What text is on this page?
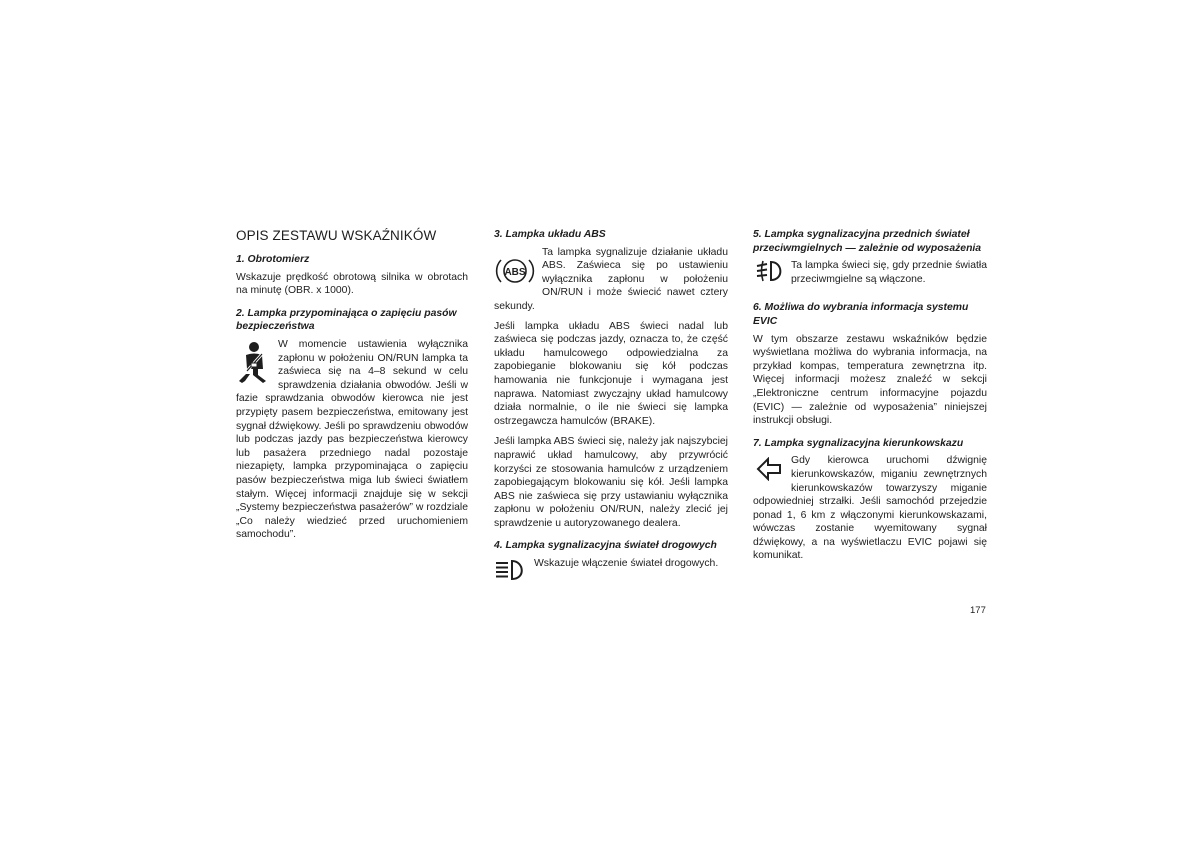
OPIS ZESTAWU WSKAŹNIKÓW
1. Obrotomierz

Wskazuje prędkość obrotową silnika w obrotach na minutę (OBR. x 1000).

2. Lampka przypominająca o zapięciu pasów bezpieczeństwa

W momencie ustawienia wyłącznika zapłonu w położeniu ON/RUN lampka ta zaświeca się na 4–8 sekund w celu sprawdzenia działania obwodów. Jeśli w fazie sprawdzania obwodów kierowca nie jest przypięty pasem bezpieczeństwa, emitowany jest sygnał dźwiękowy. Jeśli po sprawdzeniu obwodów lub podczas jazdy pas bezpieczeństwa kierowcy lub pasażera przedniego nadal pozostaje niezapięty, lampka przypominająca o zapięciu pasów bezpieczeństwa miga lub świeci światłem stałym. Więcej informacji znajduje się w sekcji „Systemy bezpieczeństwa pasażerów” w rozdziale „Co należy wiedzieć przed uruchomieniem samochodu”.

3. Lampka układu ABS
ABS

Ta lampka sygnalizuje działanie układu ABS. Zaświeca się po ustawieniu wyłącznika zapłonu w położeniu ON/RUN i może świecić nawet cztery sekundy.

Jeśli lampka układu ABS świeci nadal lub zaświeca się podczas jazdy, oznacza to, że część układu hamulcowego odpowiedzialna za zapobieganie blokowaniu się kół podczas hamowania nie funkcjonuje i wymagana jest naprawa. Natomiast zwyczajny układ hamulcowy działa normalnie, o ile nie świeci się lampka ostrzegawcza hamulców (BRAKE).

Jeśli lampka ABS świeci się, należy jak najszybciej naprawić układ hamulcowy, aby przywrócić korzyści ze stosowania hamulców z urządzeniem zapobiegającym blokowaniu się kół. Jeśli lampka ABS nie zaświeca się przy ustawianiu wyłącznika zapłonu w położeniu ON/RUN, należy zlecić jej sprawdzenie u autoryzowanego dealera.

4. Lampka sygnalizacyjna świateł drogowych

Wskazuje włączenie świateł drogowych.

5. Lampka sygnalizacyjna przednich świateł przeciwmgielnych — zależnie od wyposażenia

Ta lampka świeci się, gdy przednie światła przeciwmgielne są włączone.

6. Możliwa do wybrania informacja systemu EVIC

W tym obszarze zestawu wskaźników będzie wyświetlana możliwa do wybrania informacja, na przykład kompas, temperatura zewnętrzna itp. Więcej informacji możesz znaleźć w sekcji „Elektroniczne centrum informacyjne pojazdu (EVIC) — zależnie od wyposażenia” niniejszej instrukcji obsługi.

7. Lampka sygnalizacyjna kierunkowskazu

Gdy kierowca uruchomi dźwignię kierunkowskazów, miganiu zewnętrznych kierunkowskazów towarzyszy miganie odpowiedniej strzałki. Jeśli samochód przejedzie ponad 1, 6 km z włączonymi kierunkowskazami, wówczas zostanie wyemitowany sygnał dźwiękowy, a na wyświetlaczu EVIC pojawi się komunikat.

177
